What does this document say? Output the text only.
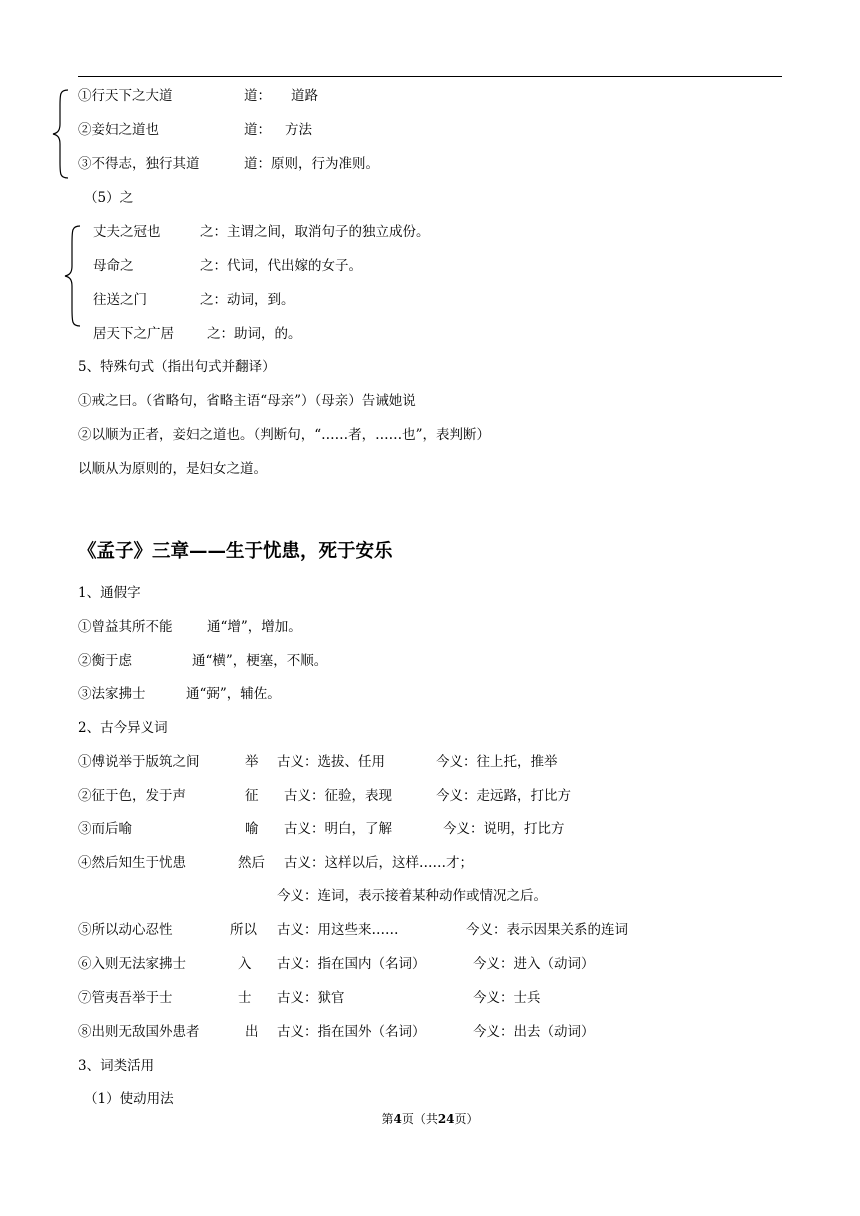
①行天下之大道	道： 道路
②妾妇之道也	道： 方法
③不得志，独行其道	道：原则，行为准则。
（5）之
丈夫之冠也	之：主谓之间，取消句子的独立成份。
母命之	之：代词，代出嫁的女子。
往送之门	之：动词，到。
居天下之广居 之：助词，的。
5、特殊句式（指出句式并翻译）
①戒之曰。（省略句，省略主语“母亲”）（母亲）告诫她说
②以顺为正者，妾妇之道也。（判断句，“……者，……也”，表判断）
以顺从为原则的，是妇女之道。
《孟子》三章——生于忧患，死于安乐
1、通假字
①曾益其所不能	通“增”，增加。
②衡于虑	通“横”，梗塞，不顺。
③法家拂士	通“弼”，辅佐。
2、古今异义词
①傅说举于版筑之间	举 古义：选拔、任用	今义：往上托，推举
②征于色，发于声	征 古义：征验，表现	今义：走远路，打比方
③而后喻	喻 古义：明白，了解	今义：说明，打比方
④然后知生于忧患	然后 古义：这样以后，这样……才；
今义：连词，表示接着某种动作或情况之后。
⑤所以动心忍性	所以 古义：用这些来……	今义：表示因果关系的连词
⑥入则无法家拂士	入 古义：指在国内（名词）	今义：进入（动词）
⑦管夷吾举于士	士 古义：狱官	今义：士兵
⑧出则无敌国外患者	出 古义：指在国外（名词）	今义：出去（动词）
3、词类活用
（1）使动用法
第4页（共24页）
